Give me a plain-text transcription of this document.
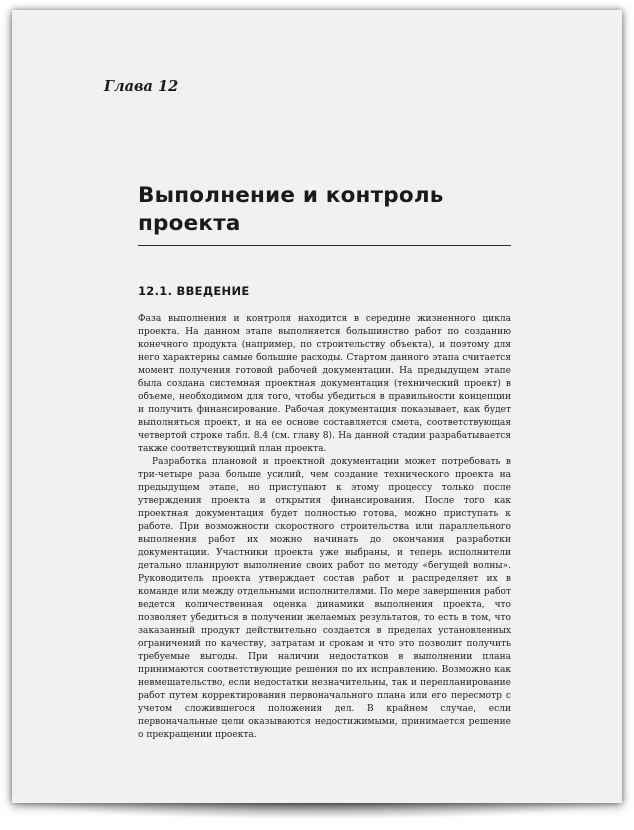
Глава 12
Выполнение и контроль проекта
12.1. ВВЕДЕНИЕ

Фаза выполнения и контроля находится в середине жизненного цикла проекта. На данном этапе выполняется большинство работ по созданию конечного продукта (например, по строительству объекта), и поэтому для него характерны самые большие расходы. Стартом данного этапа считается момент получения готовой рабочей документации. На предыдущем этапе была создана системная проектная документация (технический проект) в объеме, необходимом для того, чтобы убедиться в правильности концепции и получить финансирование. Рабочая документация показывает, как будет выполняться проект, и на ее основе составляется смета, соответствующая четвертой строке табл. 8.4 (см. главу 8). На данной стадии разрабатывается также соответствующий план проекта.

Разработка плановой и проектной документации может потребовать в три-четыре раза больше усилий, чем создание технического проекта на предыдущем этапе, но приступают к этому процессу только после утверждения проекта и открытия финансирования. После того как проектная документация будет полностью готова, можно приступать к работе. При возможности скоростного строительства или параллельного выполнения работ их можно начинать до окончания разработки документации. Участники проекта уже выбраны, и теперь исполнители детально планируют выполнение своих работ по методу «бегущей волны». Руководитель проекта утверждает состав работ и распределяет их в команде или между отдельными исполнителями. По мере завершения работ ведется количественная оценка динамики выполнения проекта, что позволяет убедиться в получении желаемых результатов, то есть в том, что заказанный продукт действительно создается в пределах установленных ограничений по качеству, затратам и срокам и что это позволит получить требуемые выгоды. При наличии недостатков в выполнении плана принимаются соответствующие решения по их исправлению. Возможно как невмешательство, если недостатки незначительны, так и перепланирование работ путем корректирования первоначального плана или его пересмотр с учетом сложившегося положения дел. В крайнем случае, если первоначальные цели оказываются недостижимыми, принимается решение о прекращении проекта.
